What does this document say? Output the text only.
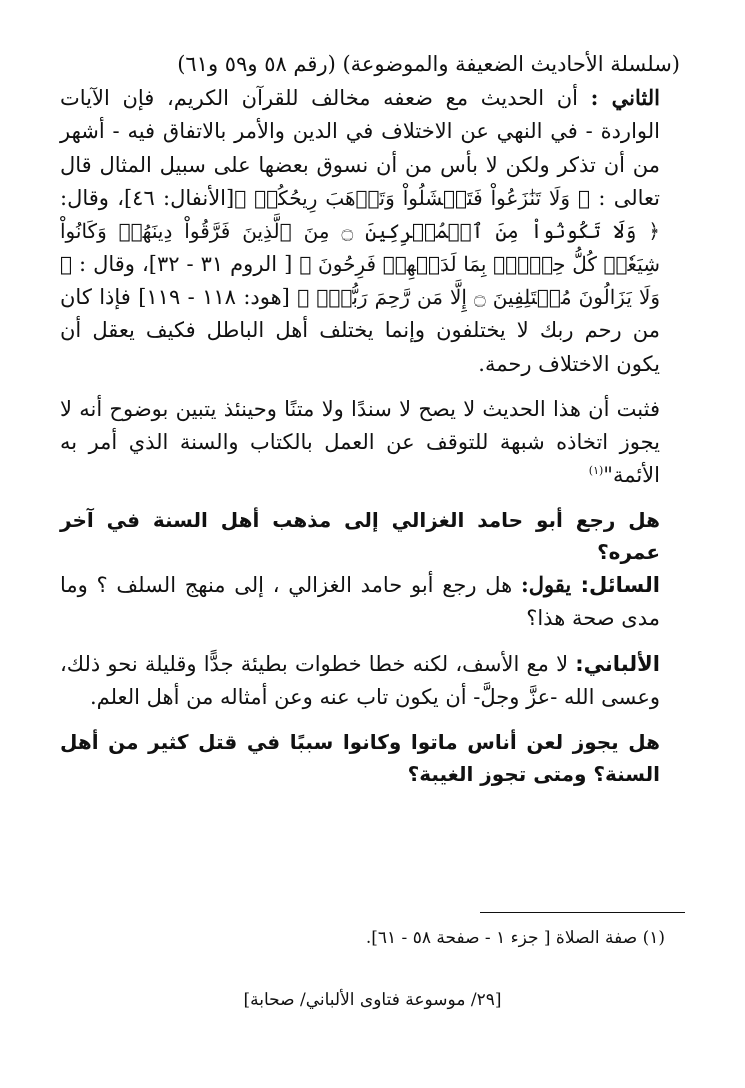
(سلسلة الأحاديث الضعيفة والموضوعة) (رقم ٥٨ و٥٩ و٦١)

الثاني : أن الحديث مع ضعفه مخالف للقرآن الكريم، فإن الآيات الواردة - في النهي عن الاختلاف في الدين والأمر بالاتفاق فيه - أشهر من أن تذكر ولكن لا بأس من أن نسوق بعضها على سبيل المثال قال تعالى : ﴿ وَلَا تَنَٰزَعُواْ فَتَفۡشَلُواْ وَتَذۡهَبَ رِيحُكُمۡ ﴾[الأنفال: ٤٦]، وقال: ﴿ وَلَا تَكُونُواْ مِنَ ٱلۡمُشۡرِكِينَ ۝ مِنَ ٱلَّذِينَ فَرَّقُواْ دِينَهُمۡ وَكَانُواْ شِيَعٗاۖ كُلُّ حِزۡبِۭ بِمَا لَدَيۡهِمۡ فَرِحُونَ ﴾ [ الروم ٣١ - ٣٢]، وقال : ﴿ وَلَا يَزَالُونَ مُخۡتَلِفِينَ ۝ إِلَّا مَن رَّحِمَ رَبُّكَۚ ﴾ [هود: ١١٨ - ١١٩] فإذا كان من رحم ربك لا يختلفون وإنما يختلف أهل الباطل فكيف يعقل أن يكون الاختلاف رحمة.

فثبت أن هذا الحديث لا يصح لا سندًا ولا متنًا وحينئذ يتبين بوضوح أنه لا يجوز اتخاذه شبهة للتوقف عن العمل بالكتاب والسنة الذي أمر به الأئمة"$^{(١)}$

هل رجع أبو حامد الغزالي إلى مذهب أهل السنة في آخر عمره؟

السائل: يقول: هل رجع أبو حامد الغزالي ، إلى منهج السلف ؟ وما مدى صحة هذا؟

الألباني: لا مع الأسف، لكنه خطا خطوات بطيئة جدًّا وقليلة نحو ذلك، وعسى الله -عزَّ وجلَّ- أن يكون تاب عنه وعن أمثاله من أهل العلم.

هل يجوز لعن أناس ماتوا وكانوا سببًا في قتل كثير من أهل السنة؟ ومتى تجوز الغيبة؟

(١) صفة الصلاة [ جزء ١ - صفحة ٥٨ - ٦١].
[٢٩/ موسوعة فتاوى الألباني/ صحابة]
